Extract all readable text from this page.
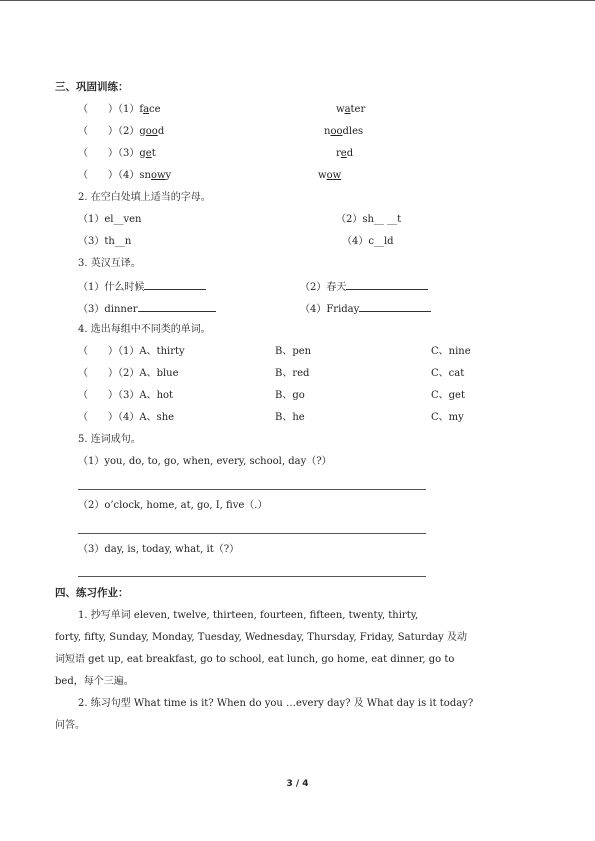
三、巩固训练：
（　　）（1）face	water
（　　）（2）good	noodles
（　　）（3）get	red
（　　）（4）snowy	wow
2. 在空白处填上适当的字母。
（1）el__ven	（2）sh__ __t
（3）th__n	（4）c__ld
3. 英汉互译。
（1）什么时候	（2）春天
（3）dinner	（4）Friday
4. 选出每组中不同类的单词。
（　　）（1）A、thirty	B、pen	C、nine
（　　）（2）A、blue	B、red	C、cat
（　　）（3）A、hot	B、go	C、get
（　　）（4）A、she	B、he	C、my
5. 连词成句。
（1）you, do, to, go, when, every, school, day（?）
（2）o’clock, home, at, go, I, five（.）
（3）day, is, today, what, it（?）
四、练习作业：
1. 抄写单词 eleven, twelve, thirteen, fourteen, fifteen, twenty, thirty,
forty, fifty, Sunday, Monday, Tuesday, Wednesday, Thursday, Friday, Saturday 及动
词短语 get up, eat breakfast, go to school, eat lunch, go home, eat dinner, go to
bed，每个三遍。
2. 练习句型 What time is it? When do you …every day? 及 What day is it today?
问答。
3 / 4
